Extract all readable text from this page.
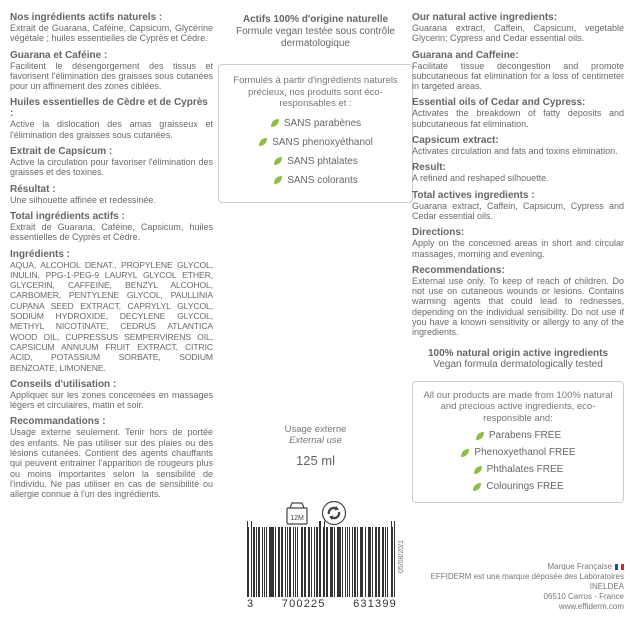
Nos ingrédients actifs naturels :
Extrait de Guarana, Caféine, Capsicum, Glycérine végétale ; huiles essentielles de Cyprès et Cèdre.
Guarana et Caféine :
Facilitent le désengorgement des tissus et favorisent l'élimination des graisses sous cutanées pour un affinement des zones ciblées.
Huiles essentielles de Cèdre et de Cyprès :
Active la dislocation des amas graisseux et l'élimination des graisses sous cutanées.
Extrait de Capsicum :
Active la circulation pour favoriser l'élimination des graisses et des toxines.
Résultat :
Une silhouette affinée et redessinée.
Total ingrédients actifs :
Extrait de Guarana, Caféine, Capsicum, huiles essentielles de Cyprès et Cèdre.
Ingrédients :
AQUA, ALCOHOL DENAT., PROPYLENE GLYCOL, INULIN, PPG-1-PEG-9 LAURYL GLYCOL ETHER, GLYCERIN, CAFFEINE, BENZYL ALCOHOL, CARBOMER, PENTYLENE GLYCOL, PAULLINIA CUPANA SEED EXTRACT, CAPRYLYL GLYCOL, SODIUM HYDROXIDE, DECYLENE GLYCOL, METHYL NICOTINATE, CEDRUS ATLANTICA WOOD OIL, CUPRESSUS SEMPERVIRENS OIL, CAPSICUM ANNUUM FRUIT EXTRACT, CITRIC ACID, POTASSIUM SORBATE, SODIUM BENZOATE, LIMONENE.
Conseils d'utilisation :
Appliquer sur les zones concernées en massages légers et circulaires, matin et soir.
Recommandations :
Usage externe seulement. Tenir hors de portée des enfants. Ne pas utiliser sur des plaies ou des lésions cutanées. Contient des agents chauffants qui peuvent entrainer l'apparition de rougeurs plus ou moins importantes selon la sensibilité de l'individu. Ne pas utiliser en cas de sensibilité ou allergie connue à l'un des ingrédients.
Actifs 100% d'origine naturelle
Formule vegan testée sous contrôle dermatologique
Formulés à partir d'ingrédients naturels précieux, nos produits sont éco-responsables et :
SANS parabènes
SANS phenoxyéthanol
SANS phtalates
SANS colorants
Usage externe
External use
125 ml
12M
3 700225 631399
05/08/20/1
Our natural active ingredients:
Guarana extract, Caffein, Capsicum, vegetable Glycerin; Cypress and Cedar essential oils.
Guarana and Caffeine:
Facilitate tissue decongestion and promote subcutaneous fat elimination for a loss of centimeter in targeted areas.
Essential oils of Cedar and Cypress:
Activates the breakdown of fatty deposits and subcutaneous fat elimination.
Capsicum extract:
Activates circulation and fats and toxins elimination.
Result:
A refined and reshaped silhouette.
Total actives ingredients :
Guarana extract, Caffein, Capsicum, Cypress and Cedar essential oils.
Directions:
Apply on the concerned areas in short and circular massages, morning and evening.
Recommendations:
External use only. To keep of reach of children. Do not use on cutaneous wounds or lesions. Contains warming agents that could lead to rednesses, depending on the individual sensibility. Do not use if you have a known sensitivity or allergy to any of the ingredients.
100% natural origin active ingredients
Vegan formula dermatologically tested
All our products are made from 100% natural and precious active ingredients, eco-responsible and:
Parabens FREE
Phenoxyethanol FREE
Phthalates FREE
Colourings FREE
Marque Française
EFFIDERM est une marque déposée des Laboratoires INELDEA
06510 Carros - France
www.effiderm.com
